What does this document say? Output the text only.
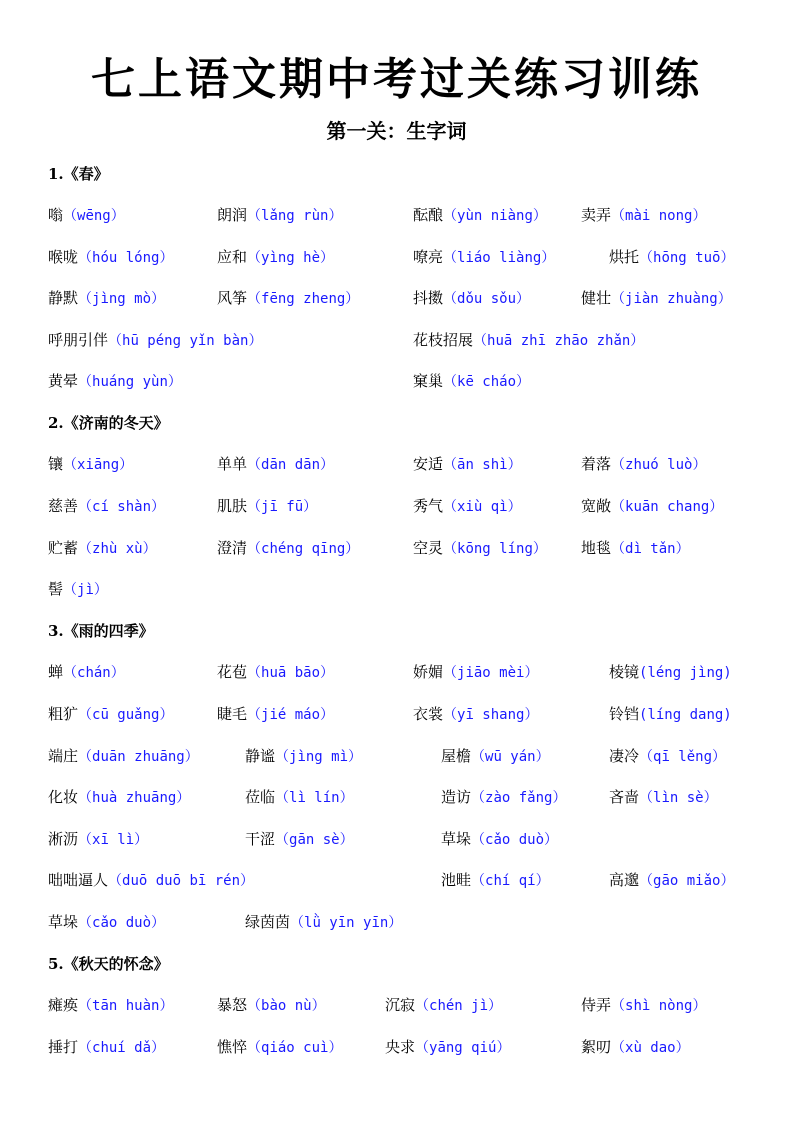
七上语文期中考过关练习训练
第一关：生字词
1.《春》
嗡（wēng）	朗润（lǎng rùn）	酝酿（yùn niàng） 卖弄（mài nong）
喉咙（hóu lóng）	应和（yìng hè）	嘹亮（liáo liàng）	烘托（hōng tuō）
静默（jìng mò）	风筝（fēng zheng）	抖擞（dǒu sǒu）	健壮（jiàn zhuàng）
呼朋引伴（hū péng yǐn bàn）	花枝招展（huā zhī zhāo zhǎn）
黄晕（huáng yùn）	窠巢（kē cháo）
2.《济南的冬天》
镶（xiāng）	单单（dān dān）	安适（ān shì）	着落（zhuó luò）
慈善（cí shàn）	肌肤（jī fū）	秀气（xiù qì）	宽敞（kuān chang）
贮蓄（zhù xù）	澄清（chéng qīng）	空灵（kōng líng） 地毯（dì tǎn）
髻（jì）
3.《雨的四季》
蝉（chán）	花苞（huā bāo）	娇媚（jiāo mèi）	棱镜(léng jìng)
粗犷（cū guǎng）	睫毛（jié máo）	衣裳（yī shang）	铃铛(líng dang)
端庄（duān zhuāng）	静谧（jìng mì）	屋檐（wū yán）	凄冷（qī lěng）
化妆（huà zhuāng）	莅临（lì lín）	造访（zào fǎng）	吝啬（lìn sè）
淅沥（xī lì）	干涩（gān sè）	草垛（cǎo duò）
咄咄逼人（duō duō bī rén）	池畦（chí qí）	高邈（gāo miǎo）
草垛（cǎo duò）	绿茵茵（lǜ yīn yīn）
5.《秋天的怀念》
瘫痪（tān huàn）	暴怒（bào nù）	沉寂（chén jì）	侍弄（shì nòng）
捶打（chuí dǎ）	憔悴（qiáo cuì）	央求（yāng qiú）	絮叨（xù dao）
